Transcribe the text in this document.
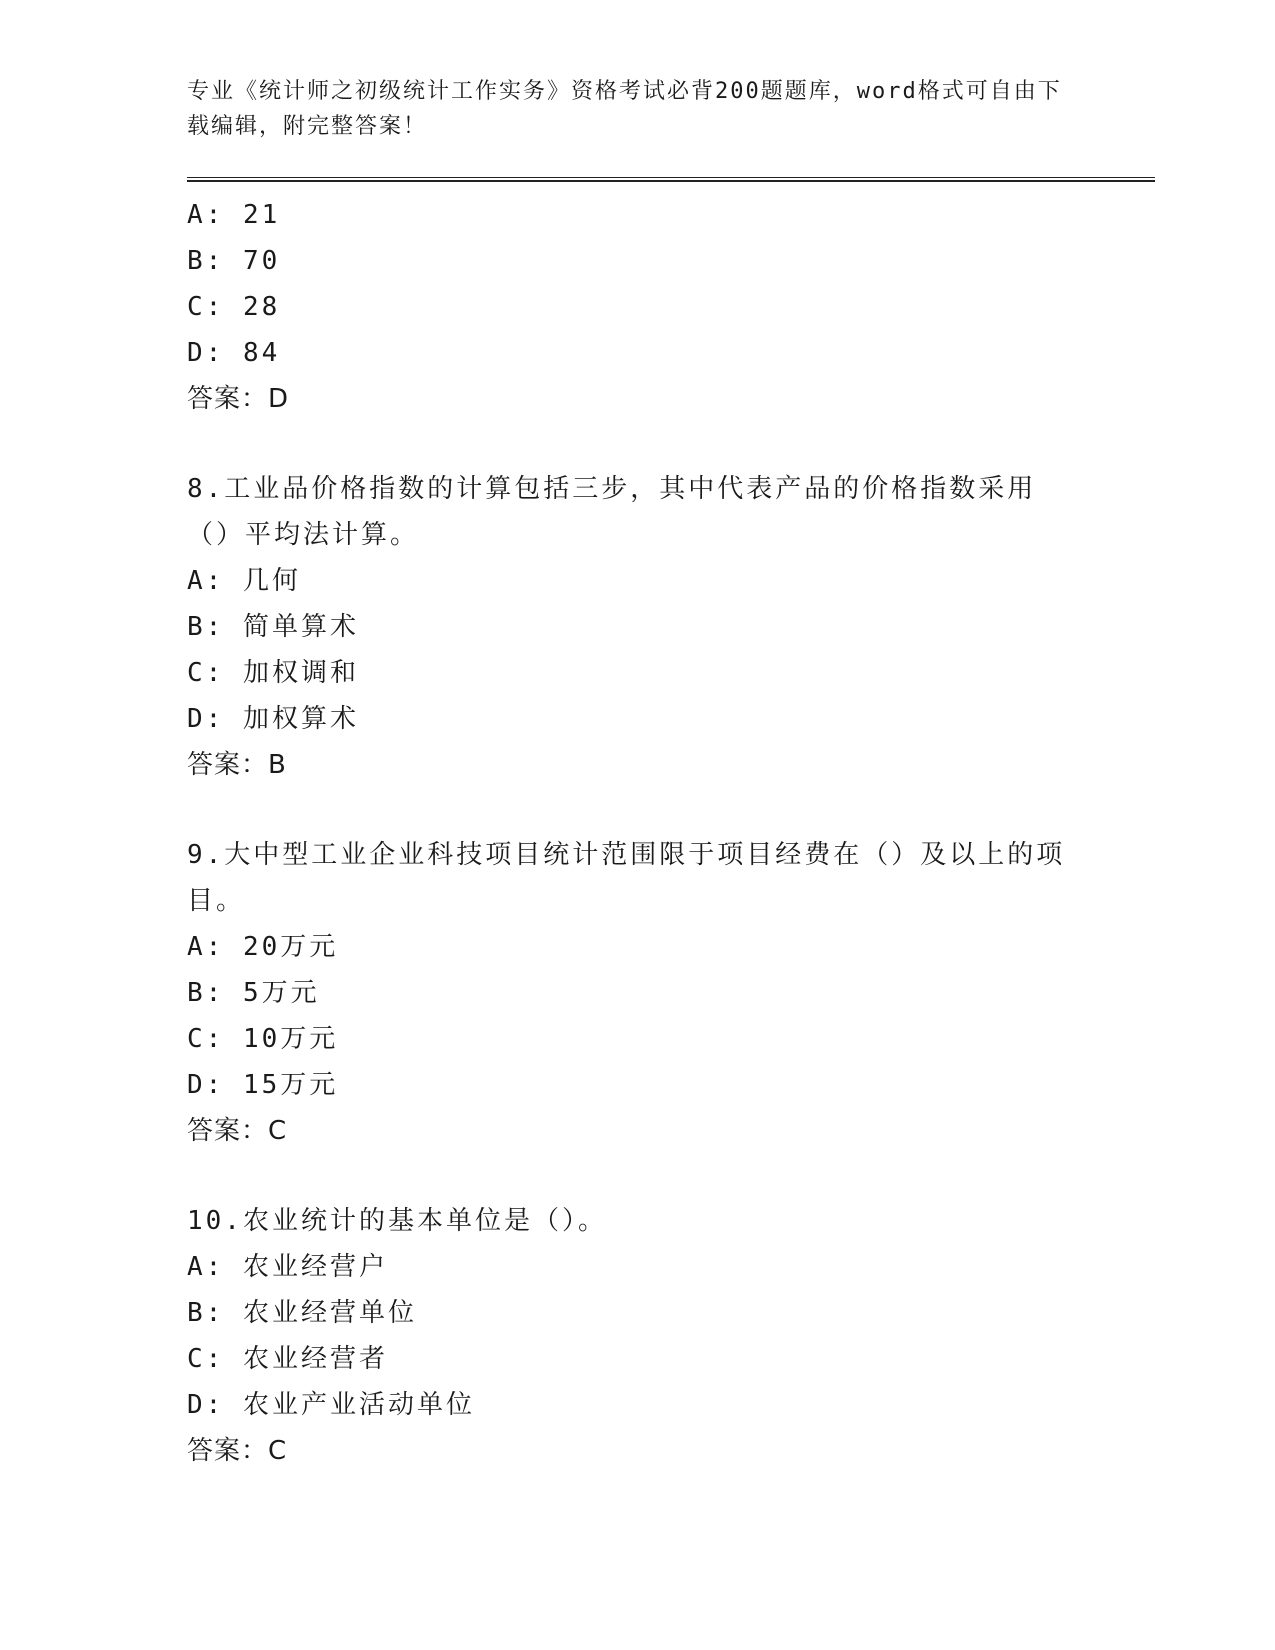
专业《统计师之初级统计工作实务》资格考试必背200题题库，word格式可自由下载编辑，附完整答案！
A: 21
B: 70
C: 28
D: 84
答案：D
8.工业品价格指数的计算包括三步，其中代表产品的价格指数采用（）平均法计算。
A: 几何
B: 简单算术
C: 加权调和
D: 加权算术
答案：B
9.大中型工业企业科技项目统计范围限于项目经费在（）及以上的项目。
A: 20万元
B: 5万元
C: 10万元
D: 15万元
答案：C
10.农业统计的基本单位是（）。
A: 农业经营户
B: 农业经营单位
C: 农业经营者
D: 农业产业活动单位
答案：C
